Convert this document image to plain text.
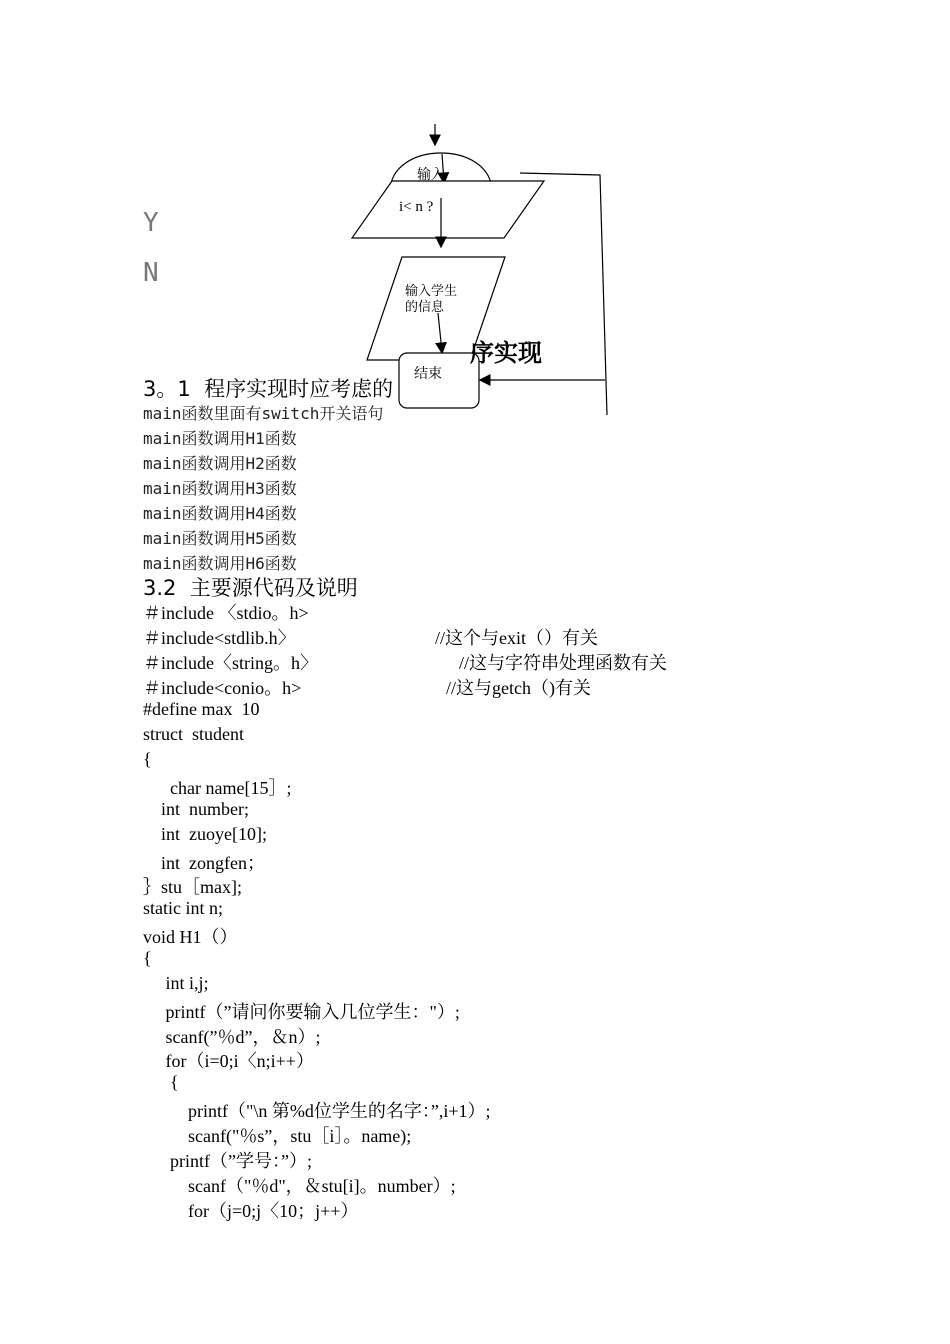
输入
i< n ?
输入学生
的信息
结束
序实现
Y
N
3。1  程序实现时应考虑的
main函数里面有switch开关语句
main函数调用H1函数
main函数调用H2函数
main函数调用H3函数
main函数调用H4函数
main函数调用H5函数
main函数调用H6函数
3.2  主要源代码及说明
＃include 〈stdio。h>
＃include<stdlib.h〉	//这个与exit（）有关
＃include〈string。h〉	//这与字符串处理函数有关
＃include<conio。h>	//这与getch（)有关
#define max  10
struct  student
{
char name[15］;
int  number;
int  zuoye[10];
int  zongfen；
｝stu［max];
static int n;
void H1（）
{
int i,j;
printf（”请问你要输入几位学生："）;
scanf(”％d”，＆n）;
for（i=0;i〈n;i++）
{
printf（"\n 第%d位学生的名字：”,i+1）;
scanf("％s”，stu［i］。name);
printf（”学号：”）;
scanf（"％d"，＆stu[i]。number）;
for（j=0;j〈10；j++）
